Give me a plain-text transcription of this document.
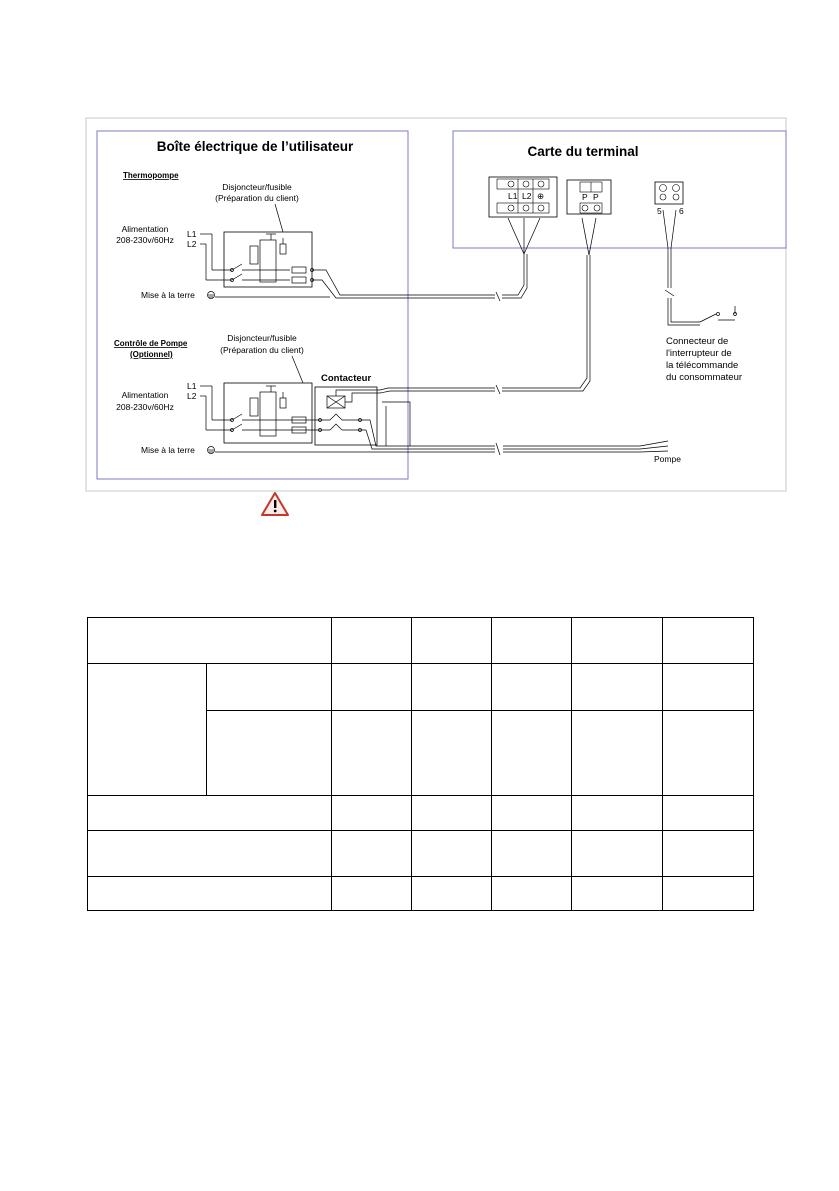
Boîte électrique de l’utilisateur	Carte du terminal
Thermopompe
Disjoncteur/fusible
(Préparation du client)
Alimentation
208-230v/60Hz
L1
L2
Mise à la terre
L1 L2 ⊕	P P
5 6
Connecteur de
l'interrupteur de
la télécommande
du consommateur
Contrôle de Pompe
(Optionnel)
Disjoncteur/fusible
(Préparation du client)
Contacteur
Alimentation
208-230v/60Hz
L1
L2
Mise à la terre
Pompe
